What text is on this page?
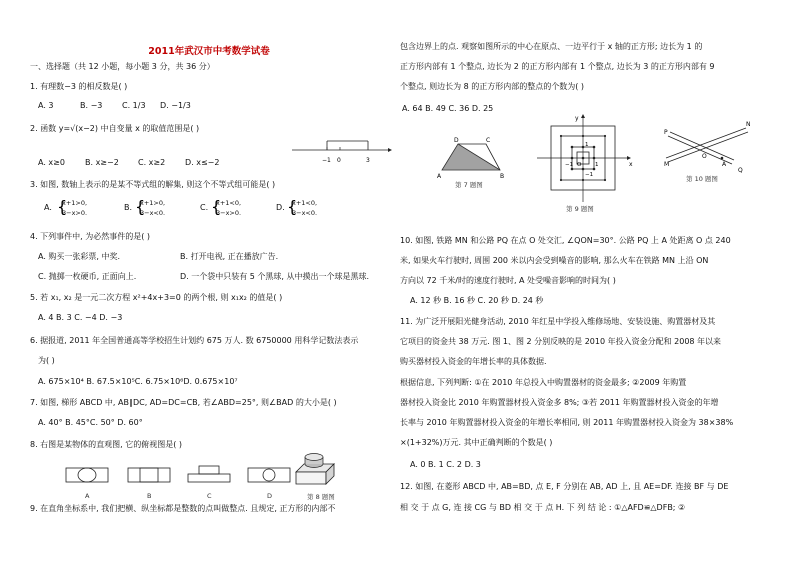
2011年武汉市中考数学试卷
一、选择题（共 12 小题，每小题 3 分，共 36 分）
1. 有理数−3 的相反数是( )
A. 3	B. −3 C. 1/3 D. −1/3
2. 函数 y=√(x−2) 中自变量 x 的取值范围是( )
A. x≥0	B. x≥−2 C. x≥2 D. x≤−2	−1 0	3
3. 如图, 数轴上表示的是某不等式组的解集, 则这个不等式组可能是( )
A. x+1>0,
3−x>0.
B. x+1>0,
3−x<0.
C. x+1<0,
3−x>0.
D. x+1<0,
3−x<0.
{	{	{	{
4. 下列事件中, 为必然事件的是( )
A. 购买一张彩票, 中奖.	B. 打开电视, 正在播放广告.
C. 抛掷一枚硬币, 正面向上.	D. 一个袋中只装有 5 个黑球, 从中摸出一个球是黑球.
5. 若 x₁, x₂ 是一元二次方程 x²+4x+3=0 的两个根, 则 x₁x₂ 的值是( )
A. 4 B. 3 C. −4 D. −3
6. 据报道, 2011 年全国普通高等学校招生计划约 675 万人. 数 6750000 用科学记数法表示
为( )
A. 675×10⁴ B. 67.5×10⁵C. 6.75×10⁶D. 0.675×10⁷
7. 如图, 梯形 ABCD 中, AB∥DC, AD=DC=CB, 若∠ABD=25°, 则∠BAD 的大小是( )
A. 40° B. 45°C. 50° D. 60°
8. 右图是某物体的直观图, 它的俯视图是( )
A	B	C	D	第 8 题图
9. 在直角坐标系中, 我们把横、纵坐标都是整数的点叫做整点. 且规定, 正方形的内部不
包含边界上的点. 观察如图所示的中心在原点、一边平行于 x 轴的正方形; 边长为 1 的
正方形内部有 1 个整点, 边长为 2 的正方形内部有 1 个整点, 边长为 3 的正方形内部有 9
个整点, 则边长为 8 的正方形内部的整点的个数为( )
A. 64 B. 49 C. 36 D. 25
D	C
A	B
第 7 题图
x
y
O 1
−1
1
−1
第 9 题图
P
N
M
O
A
Q
第 10 题图
10. 如图, 铁路 MN 和公路 PQ 在点 O 处交汇, ∠QON=30°. 公路 PQ 上 A 处距离 O 点 240
米, 如果火车行驶时, 周围 200 米以内会受到噪音的影响, 那么火车在铁路 MN 上沿 ON
方向以 72 千米/时的速度行驶时, A 处受噪音影响的时间为( )
A. 12 秒 B. 16 秒 C. 20 秒 D. 24 秒
11. 为广泛开展阳光健身活动, 2010 年红星中学投入维修场地、安装设施、购置器材及其
它项目的资金共 38 万元. 图 1、图 2 分别反映的是 2010 年投入资金分配和 2008 年以来
购买器材投入资金的年增长率的具体数据.
根据信息, 下列判断: ①在 2010 年总投入中购置器材的资金最多; ②2009 年购置
器材投入资金比 2010 年购置器材投入资金多 8%; ③若 2011 年购置器材投入资金的年增
长率与 2010 年购置器材投入资金的年增长率相同, 则 2011 年购置器材投入资金为 38×38%
×(1+32%)万元. 其中正确判断的个数是( )
A. 0 B. 1 C. 2 D. 3
12. 如图, 在菱形 ABCD 中, AB=BD, 点 E, F 分别在 AB, AD 上, 且 AE=DF. 连接 BF 与 DE
相 交 于 点 G, 连 接 CG 与 BD 相 交 于 点 H. 下 列 结 论 : ①△AFD≌△DFB; ②
